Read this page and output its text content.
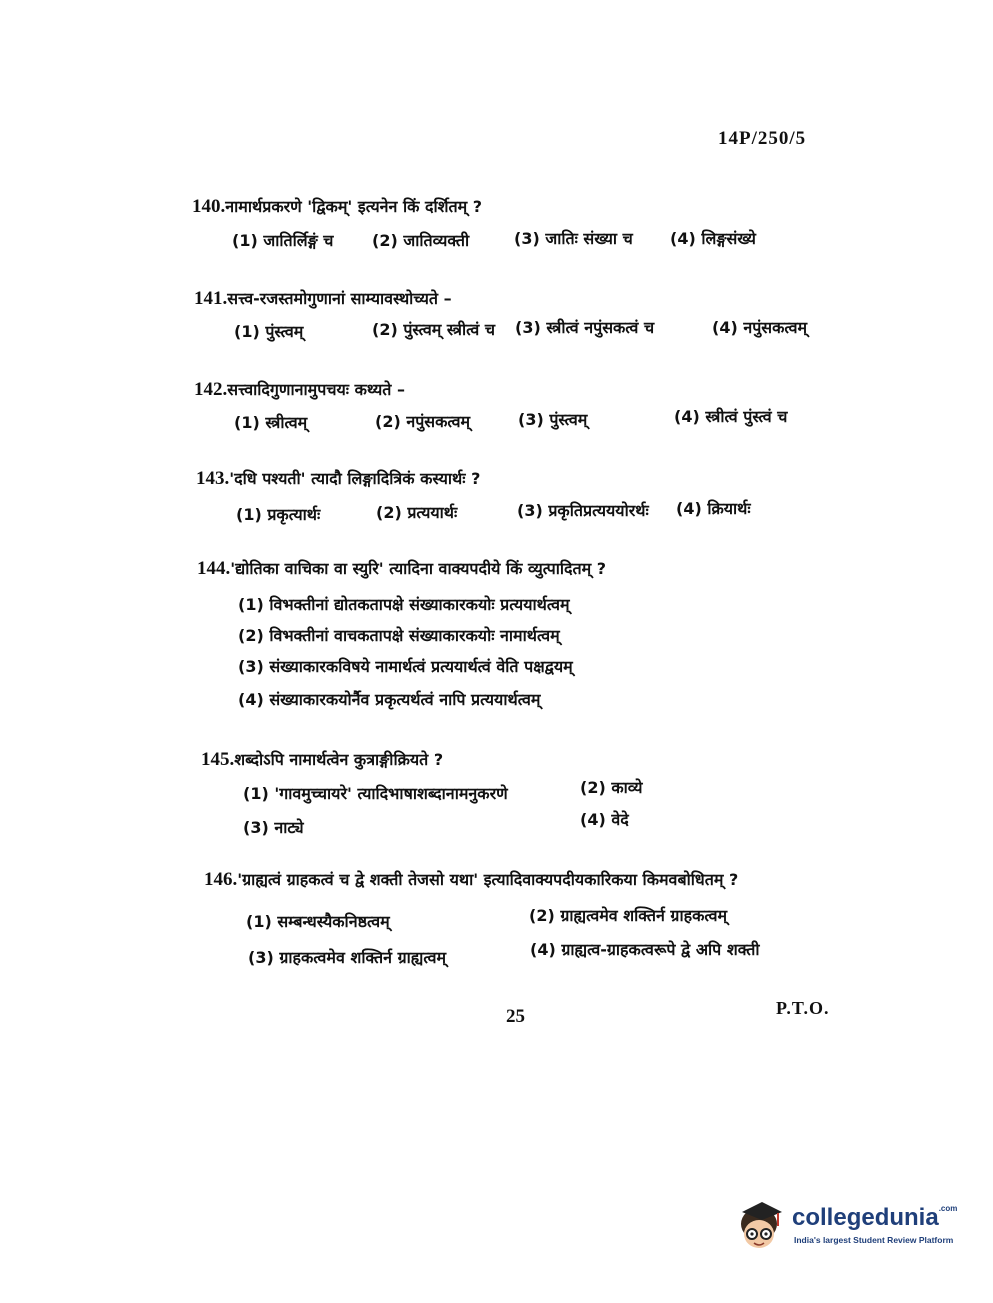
14P/250/5
140.नामार्थप्रकरणे 'द्विकम्' इत्यनेन किं दर्शितम् ?
(1) जातिर्लिङ्गं च (2) जातिव्यक्ती	(3) जातिः संख्या च (4) लिङ्गसंख्ये
141.सत्त्व-रजस्तमोगुणानां साम्यावस्थोच्यते –
(1) पुंस्त्वम्	(2) पुंस्त्वम् स्त्रीत्वं च (3) स्त्रीत्वं नपुंसकत्वं च	(4) नपुंसकत्वम्
142.सत्त्वादिगुणानामुपचयः कथ्यते –
(1) स्त्रीत्वम्	(2) नपुंसकत्वम्	(3) पुंस्त्वम्	(4) स्त्रीत्वं पुंस्त्वं च
143.'दधि पश्यती' त्यादौ लिङ्गादित्रिकं कस्यार्थः ?
(1) प्रकृत्यार्थः	(2) प्रत्ययार्थः	(3) प्रकृतिप्रत्यययोरर्थः (4) क्रियार्थः
144.'द्योतिका वाचिका वा स्युरि' त्यादिना वाक्यपदीये किं व्युत्पादितम् ?
(1) विभक्तीनां द्योतकतापक्षे संख्याकारकयोः प्रत्ययार्थत्वम्
(2) विभक्तीनां वाचकतापक्षे संख्याकारकयोः नामार्थत्वम्
(3) संख्याकारकविषये नामार्थत्वं प्रत्ययार्थत्वं वेति पक्षद्वयम्
(4) संख्याकारकयोर्नैव प्रकृत्यर्थत्वं नापि प्रत्ययार्थत्वम्
145.शब्दोऽपि नामार्थत्वेन कुत्राङ्गीक्रियते ?
(1) 'गावमुच्चायरे' त्यादिभाषाशब्दानामनुकरणे	(2) काव्ये
(3) नाट्ये	(4) वेदे
146.'ग्राह्यत्वं ग्राहकत्वं च द्वे शक्ती तेजसो यथा' इत्यादिवाक्यपदीयकारिकया किमवबोधितम् ?
(1) सम्बन्धस्यैकनिष्ठत्वम्	(2) ग्राह्यत्वमेव शक्तिर्न ग्राहकत्वम्
(3) ग्राहकत्वमेव शक्तिर्न ग्राह्यत्वम्	(4) ग्राह्यत्व-ग्राहकत्वरूपे द्वे अपि शक्ती
25	P.T.O.
collegedunia$^{.com}$
India's largest Student Review Platform
